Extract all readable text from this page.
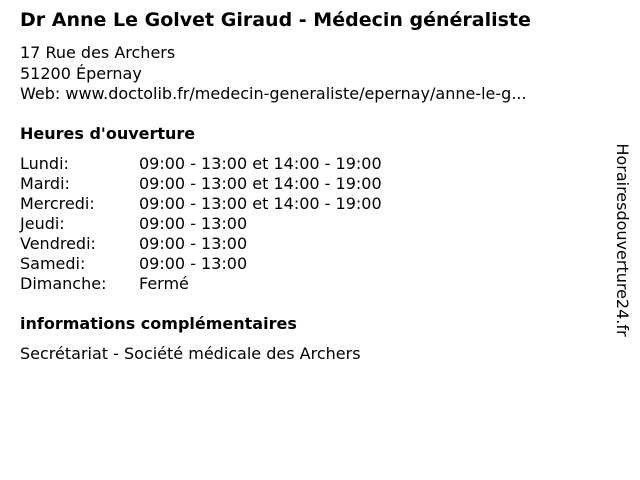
Dr Anne Le Golvet Giraud - Médecin généraliste
17 Rue des Archers
51200 Épernay
Web: www.doctolib.fr/medecin-generaliste/epernay/anne-le-g...
Heures d'ouverture
Lundi:	09:00 - 13:00 et 14:00 - 19:00
Mardi:	09:00 - 13:00 et 14:00 - 19:00
Mercredi:	09:00 - 13:00 et 14:00 - 19:00
Jeudi:	09:00 - 13:00
Vendredi:	09:00 - 13:00
Samedi:	09:00 - 13:00
Dimanche: Fermé
informations complémentaires
Secrétariat - Société médicale des Archers
Horairesdouverture24.fr
